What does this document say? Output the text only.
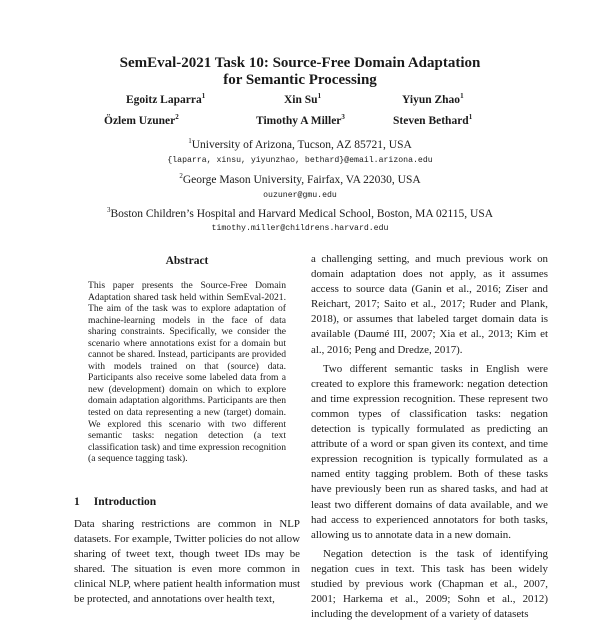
SemEval-2021 Task 10: Source-Free Domain Adaptation
for Semantic Processing
Egoitz Laparra$^1$	Xin Su$^1$	Yiyun Zhao$^1$
Özlem Uzuner$^2$	Timothy A Miller$^3$	Steven Bethard$^1$
$^1$University of Arizona, Tucson, AZ 85721, USA
{laparra, xinsu, yiyunzhao, bethard}@email.arizona.edu
$^2$George Mason University, Fairfax, VA 22030, USA
ouzuner@gmu.edu
$^3$Boston Children’s Hospital and Harvard Medical School, Boston, MA 02115, USA
timothy.miller@childrens.harvard.edu
Abstract

This paper presents the Source-Free Domain Adaptation shared task held within SemEval-2021. The aim of the task was to explore adaptation of machine-learning models in the face of data sharing constraints. Specifically, we consider the scenario where annotations exist for a domain but cannot be shared. Instead, participants are provided with models trained on that (source) data. Participants also receive some labeled data from a new (development) domain on which to explore domain adaptation algorithms. Participants are then tested on data representing a new (target) domain. We explored this scenario with two different semantic tasks: negation detection (a text classification task) and time expression recognition (a sequence tagging task).

1 Introduction

Data sharing restrictions are common in NLP datasets. For example, Twitter policies do not allow sharing of tweet text, though tweet IDs may be shared. The situation is even more common in clinical NLP, where patient health information must be protected, and annotations over health text,

a challenging setting, and much previous work on domain adaptation does not apply, as it assumes access to source data (Ganin et al., 2016; Ziser and Reichart, 2017; Saito et al., 2017; Ruder and Plank, 2018), or assumes that labeled target domain data is available (Daumé III, 2007; Xia et al., 2013; Kim et al., 2016; Peng and Dredze, 2017).

Two different semantic tasks in English were created to explore this framework: negation detection and time expression recognition. These represent two common types of classification tasks: negation detection is typically formulated as predicting an attribute of a word or span given its context, and time expression recognition is typically formulated as a named entity tagging problem. Both of these tasks have previously been run as shared tasks, and had at least two different domains of data available, and we had access to experienced annotators for both tasks, allowing us to annotate data in a new domain.

Negation detection is the task of identifying negation cues in text. This task has been widely studied by previous work (Chapman et al., 2007, 2001; Harkema et al., 2009; Sohn et al., 2012) including the development of a variety of datasets
